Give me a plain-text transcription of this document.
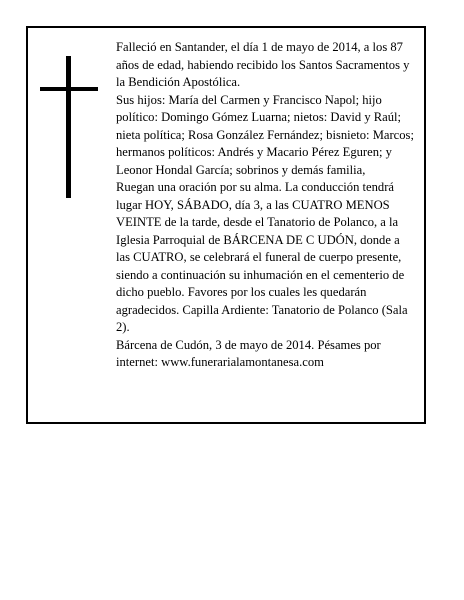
Falleció en Santander, el día 1 de mayo de 2014, a los 87 años de edad, habiendo recibido los Santos Sacramentos y la Bendición Apostólica.

Sus hijos: María del Carmen y Francisco Napol; hijo político: Domingo Gómez Luarna; nietos: David y Raúl; nieta política; Rosa González Fernández; bisnieto: Marcos; hermanos políticos: Andrés y Macario Pérez Eguren; y Leonor Hondal García; sobrinos y demás familia,

Ruegan una oración por su alma. La conducción tendrá lugar HOY, SÁBADO, día 3, a las CUATRO MENOS VEINTE de la tarde, desde el Tanatorio de Polanco, a la Iglesia Parroquial de BÁRCENA DE C UDÓN, donde a las CUATRO, se celebrará el funeral de cuerpo presente, siendo a continuación su inhumación en el cementerio de dicho pueblo. Favores por los cuales les quedarán agradecidos. Capilla Ardiente: Tanatorio de Polanco (Sala 2).

Bárcena de Cudón, 3 de mayo de 2014. Pésames por internet: www.funerarialamontanesa.com
